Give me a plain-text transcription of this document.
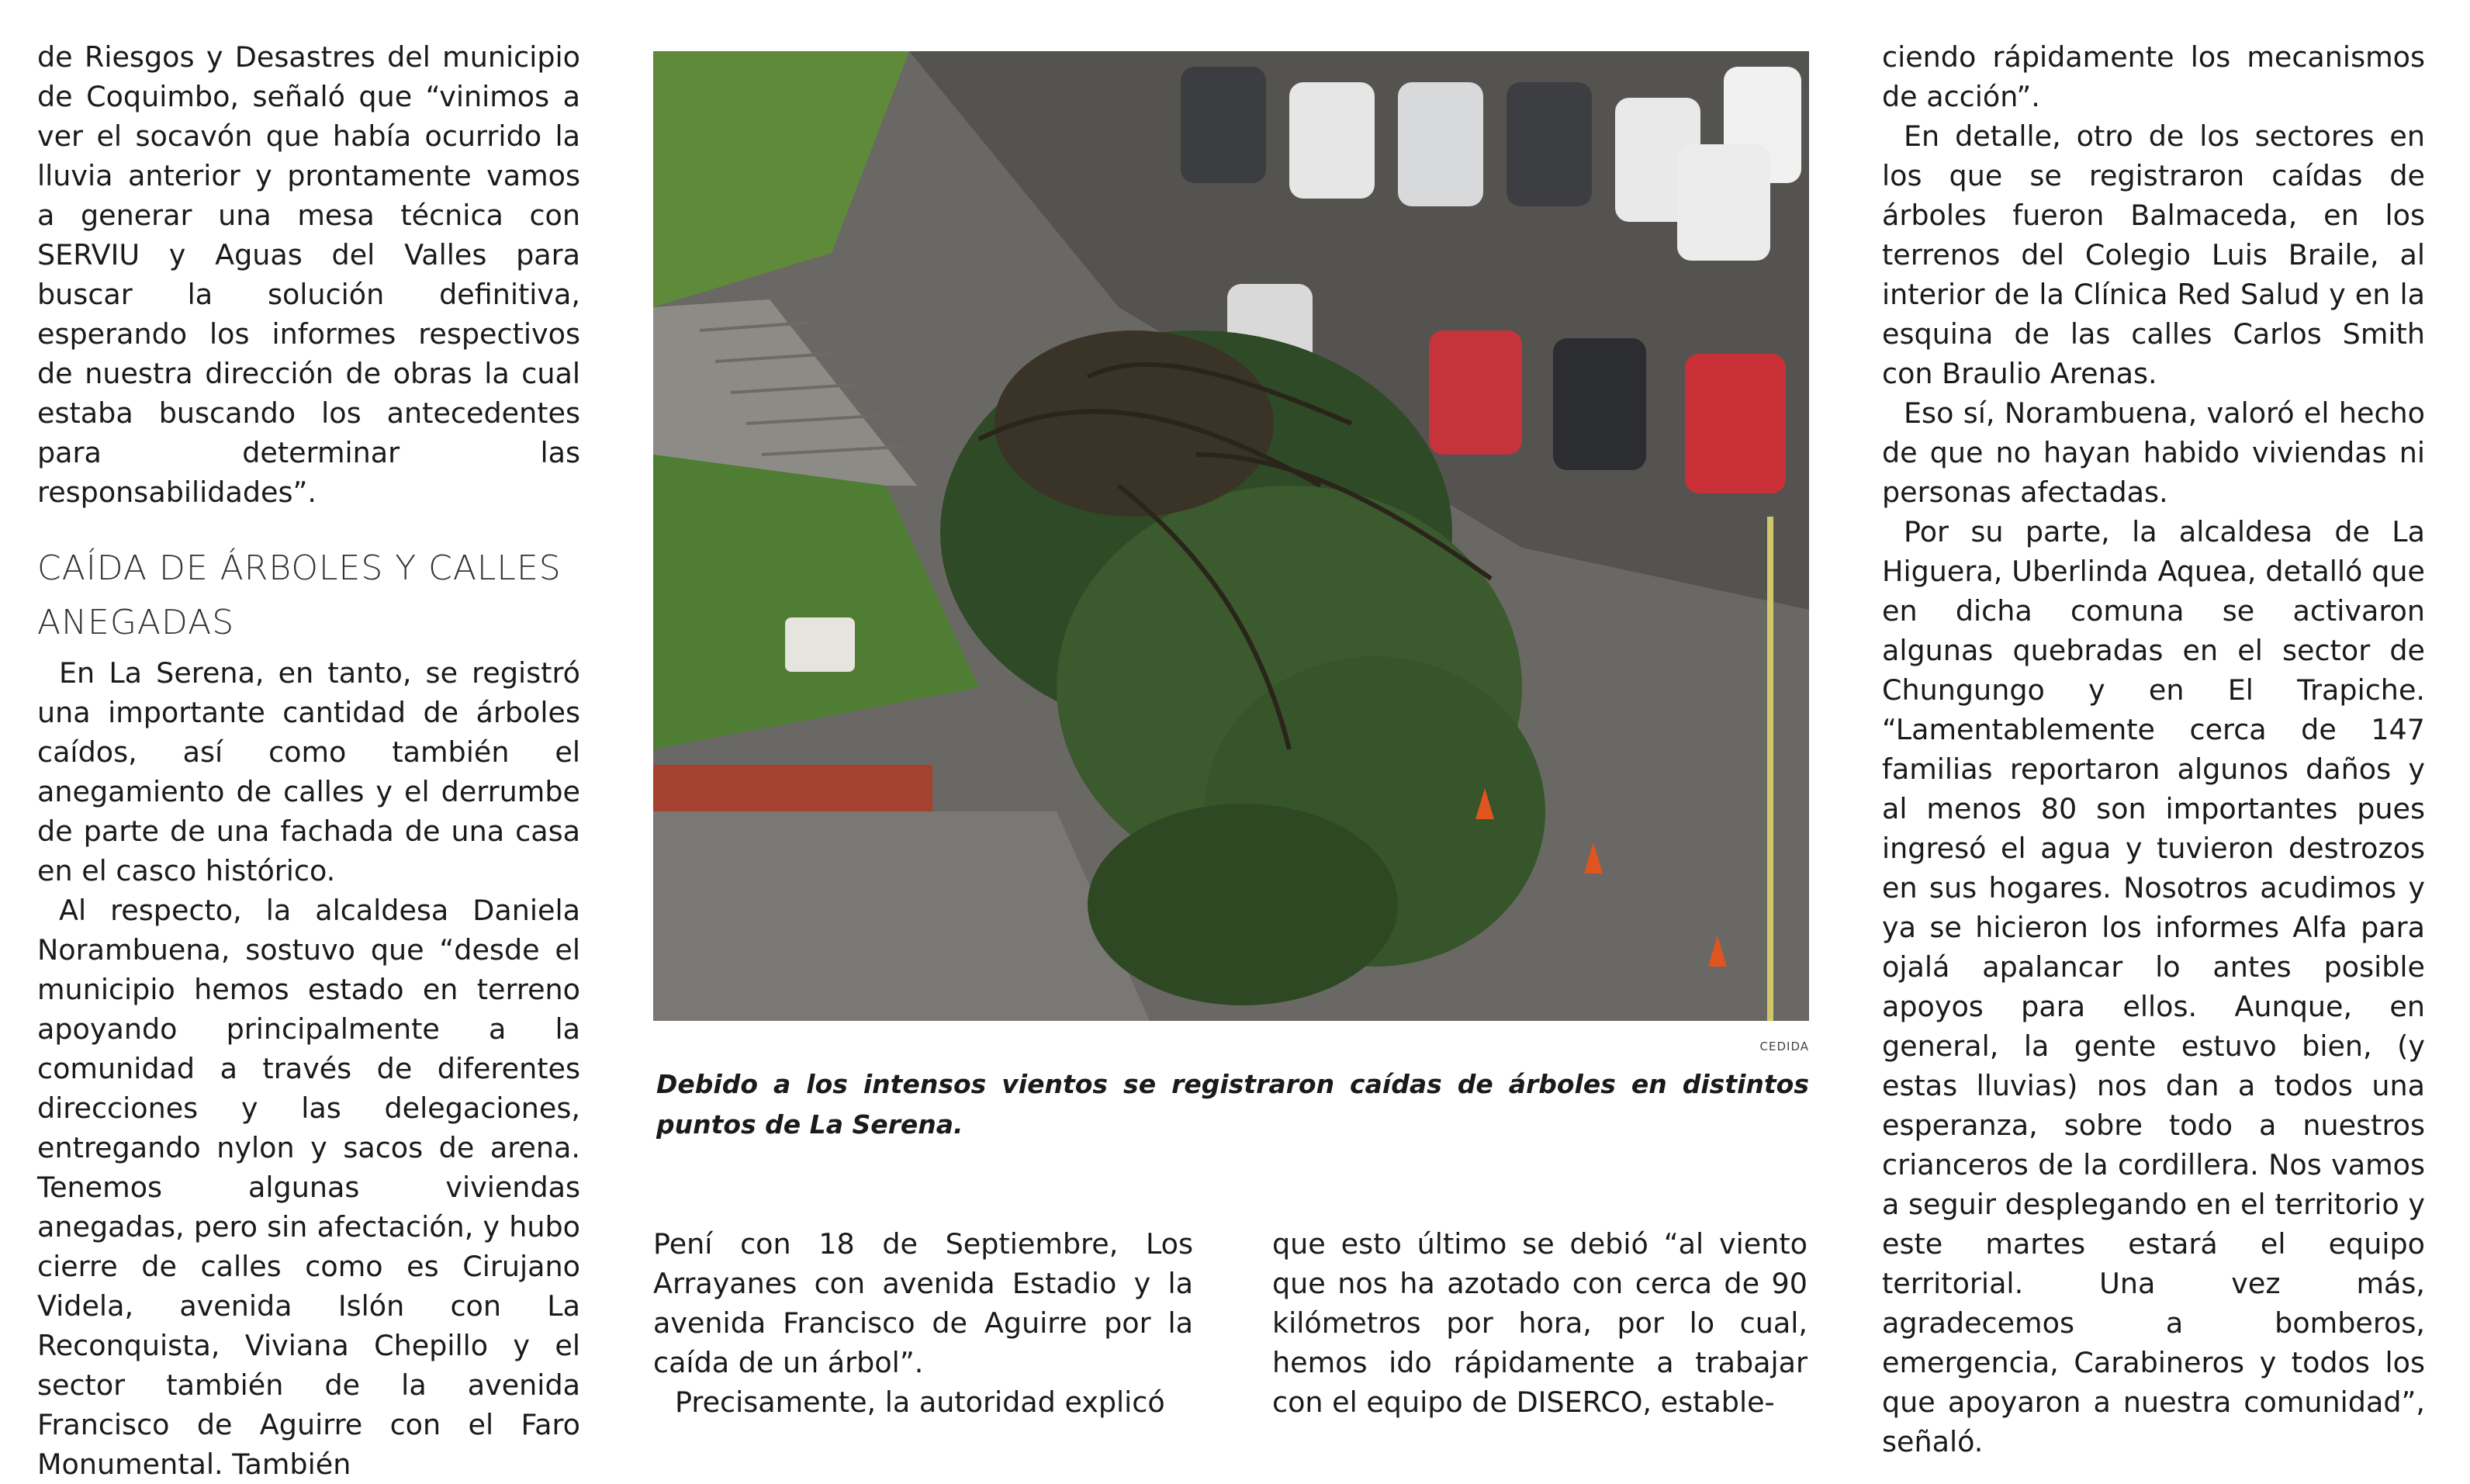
de Riesgos y Desastres del municipio de Coquimbo, señaló que “vinimos a ver el socavón que había ocurrido la lluvia anterior y prontamente vamos a generar una mesa técnica con SERVIU y Aguas del Valles para buscar la solución definitiva, esperando los informes respectivos de nuestra dirección de obras la cual estaba buscando los antecedentes para determinar las responsabilidades”.

CAÍDA DE ÁRBOLES Y CALLES ANEGADAS

En La Serena, en tanto, se registró una importante cantidad de árboles caídos, así como también el anegamiento de calles y el derrumbe de parte de una fachada de una casa en el casco histórico.

Al respecto, la alcaldesa Daniela Norambuena, sostuvo que “desde el municipio hemos estado en terreno apoyando principalmente a la comunidad a través de diferentes direcciones y las delegaciones, entregando nylon y sacos de arena. Tenemos algunas viviendas anegadas, pero sin afectación, y hubo cierre de calles como es Cirujano Videla, avenida Islón con La Reconquista, Viviana Chepillo y el sector también de la avenida Francisco de Aguirre con el Faro Monumental. También

CEDIDA
Debido a los intensos vientos se registraron caídas de árboles en distintos puntos de La Serena.

Pení con 18 de Septiembre, Los Arrayanes con avenida Estadio y la avenida Francisco de Aguirre por la caída de un árbol”.

Precisamente, la autoridad explicó

que esto último se debió “al viento que nos ha azotado con cerca de 90 kilómetros por hora, por lo cual, hemos ido rápidamente a trabajar con el equipo de DISERCO, estable-

ciendo rápidamente los mecanismos de acción”.

En detalle, otro de los sectores en los que se registraron caídas de árboles fueron Balmaceda, en los terrenos del Colegio Luis Braile, al interior de la Clínica Red Salud y en la esquina de las calles Carlos Smith con Braulio Arenas.

Eso sí, Norambuena, valoró el hecho de que no hayan habido viviendas ni personas afectadas.

Por su parte, la alcaldesa de La Higuera, Uberlinda Aquea, detalló que en dicha comuna se activaron algunas quebradas en el sector de Chungungo y en El Trapiche. “Lamentablemente cerca de 147 familias reportaron algunos daños y al menos 80 son importantes pues ingresó el agua y tuvieron destrozos en sus hogares. Nosotros acudimos y ya se hicieron los informes Alfa para ojalá apalancar lo antes posible apoyos para ellos. Aunque, en general, la gente estuvo bien, (y estas lluvias) nos dan a todos una esperanza, sobre todo a nuestros crianceros de la cordillera. Nos vamos a seguir desplegando en el territorio y este martes estará el equipo territorial. Una vez más, agradecemos a bomberos, emergencia, Carabineros y todos los que apoyaron a nuestra comunidad”, señaló.
